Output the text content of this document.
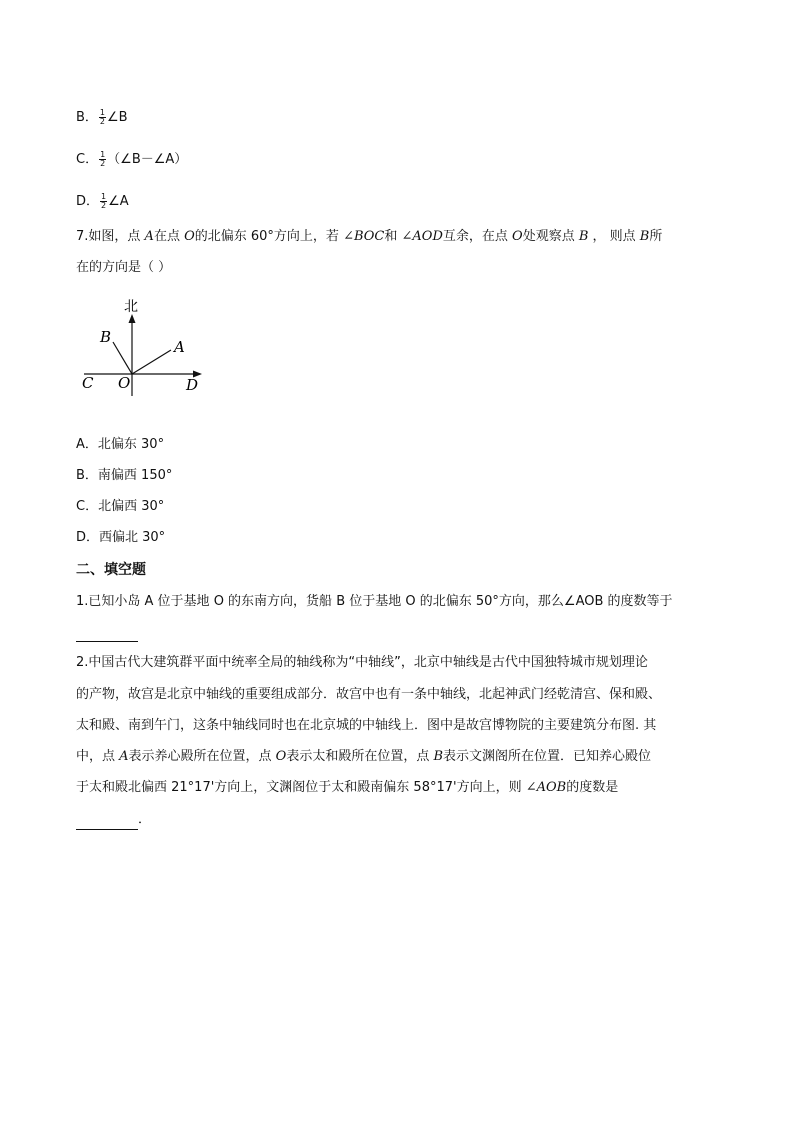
B． $\frac{1}{2}$ ∠B
C． $\frac{1}{2}$ （∠B－∠A）
D． $\frac{1}{2}$ ∠A
7.如图，点 A在点 O的北偏东 60°方向上，若 ∠BOC和 ∠AOD互余，在点 O处观察点 B ， 则点 B所
在的方向是（ ）
北
B
A
C O	D
A．北偏东 30°
B．南偏西 150°
C．北偏西 30°
D．西偏北 30°
二、填空题
1.已知小岛 A 位于基地 O 的东南方向，货船 B 位于基地 O 的北偏东 50°方向，那么∠AOB 的度数等于
2.中国古代大建筑群平面中统率全局的轴线称为“中轴线”，北京中轴线是古代中国独特城市规划理论
的产物，故宫是北京中轴线的重要组成部分．故宫中也有一条中轴线，北起神武门经乾清宫、保和殿、
太和殿、南到午门，这条中轴线同时也在北京城的中轴线上．图中是故宫博物院的主要建筑分布图. 其
中，点 A表示养心殿所在位置，点 O表示太和殿所在位置，点 B表示文渊阁所在位置．已知养心殿位
于太和殿北偏西 21°17'方向上，文渊阁位于太和殿南偏东 58°17'方向上，则 ∠AOB的度数是
．
